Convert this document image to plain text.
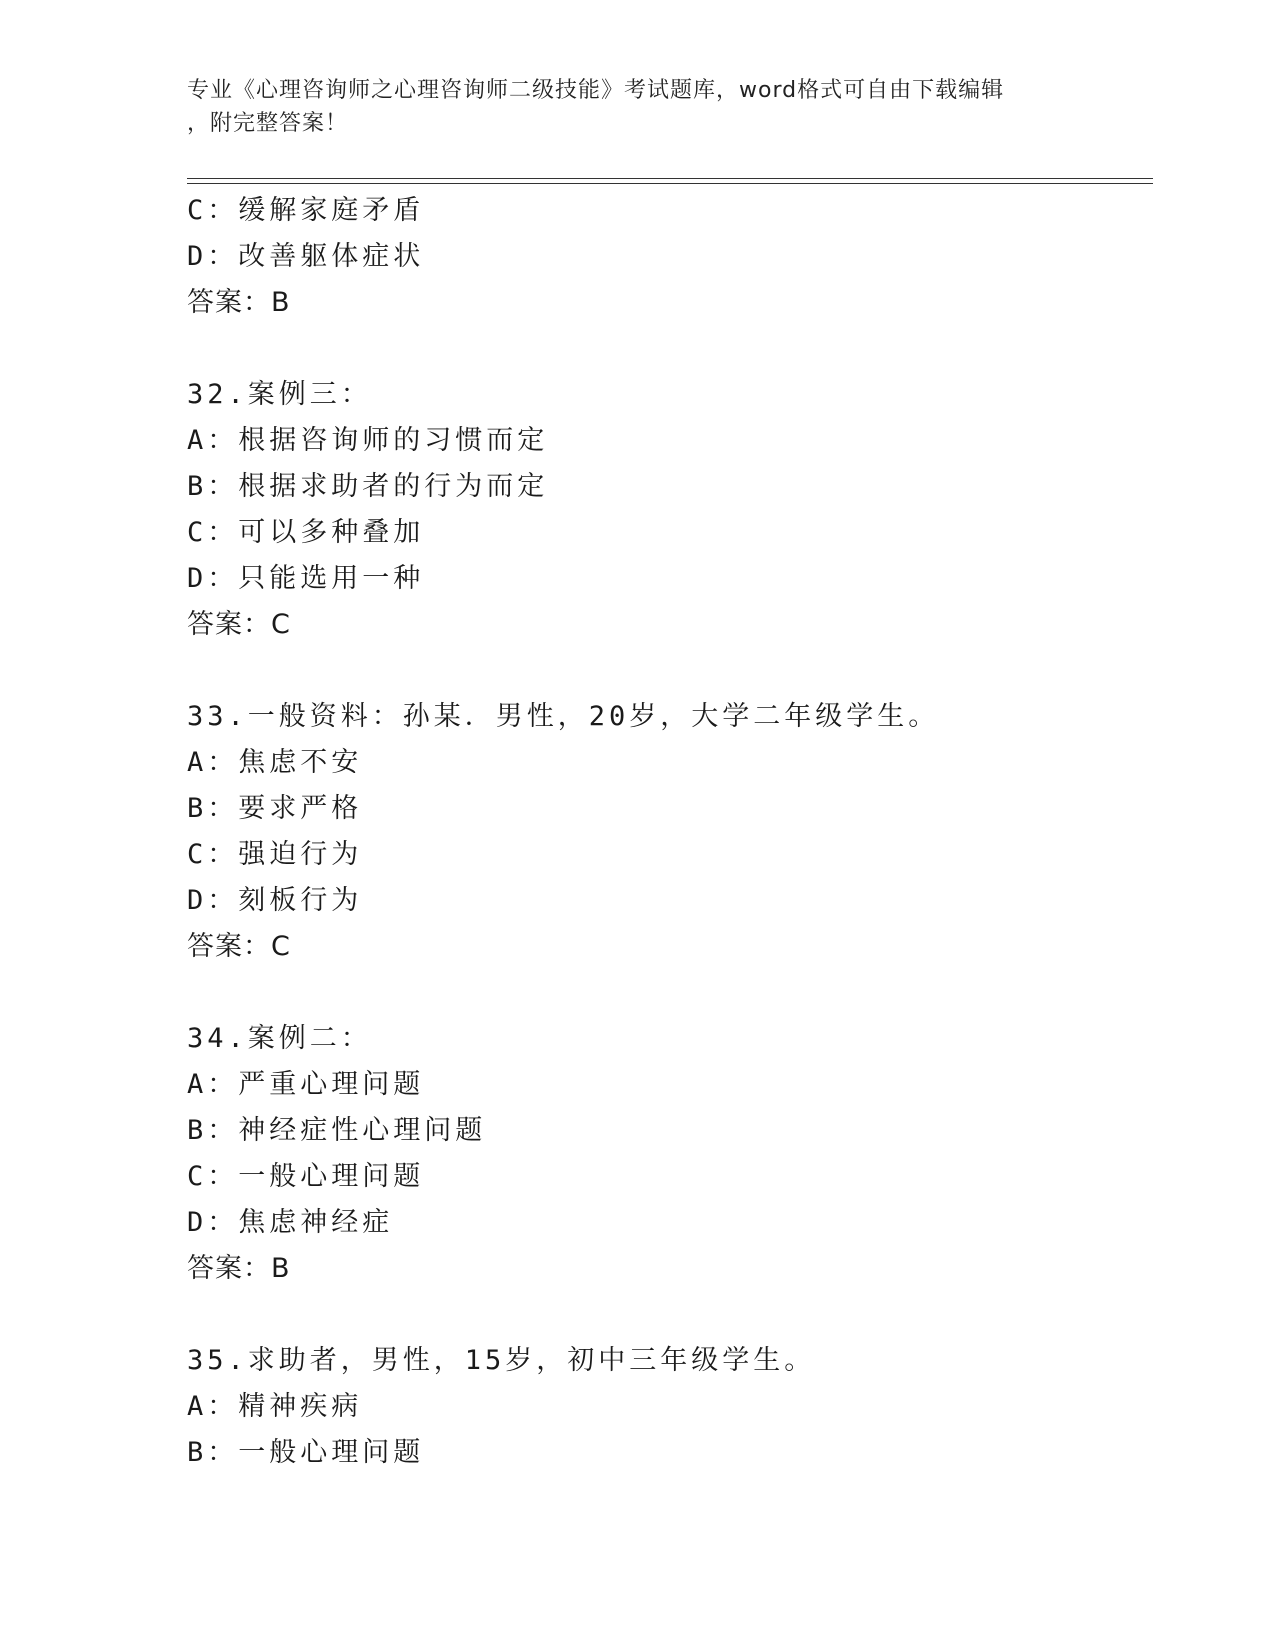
专业《心理咨询师之心理咨询师二级技能》考试题库，word格式可自由下载编辑
，附完整答案！
C：缓解家庭矛盾
D：改善躯体症状
答案：B
32.案例三：
A：根据咨询师的习惯而定
B：根据求助者的行为而定
C：可以多种叠加
D：只能选用一种
答案：C
33.一般资料：孙某．男性，20岁，大学二年级学生。
A：焦虑不安
B：要求严格
C：强迫行为
D：刻板行为
答案：C
34.案例二：
A：严重心理问题
B：神经症性心理问题
C：一般心理问题
D：焦虑神经症
答案：B
35.求助者，男性，15岁，初中三年级学生。
A：精神疾病
B：一般心理问题
